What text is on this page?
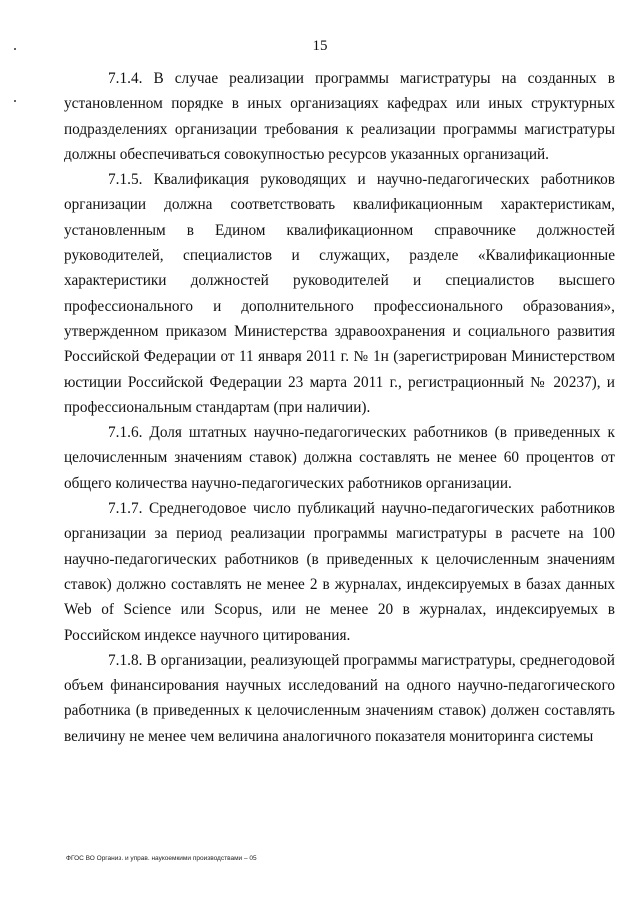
15

7.1.4. В случае реализации программы магистратуры на созданных в установленном порядке в иных организациях кафедрах или иных структурных подразделениях организации требования к реализации программы магистратуры должны обеспечиваться совокупностью ресурсов указанных организаций.

7.1.5. Квалификация руководящих и научно-педагогических работников организации должна соответствовать квалификационным характеристикам, установленным в Едином квалификационном справочнике должностей руководителей, специалистов и служащих, разделе «Квалификационные характеристики должностей руководителей и специалистов высшего профессионального и дополнительного профессионального образования», утвержденном приказом Министерства здравоохранения и социального развития Российской Федерации от 11 января 2011 г. № 1н (зарегистрирован Министерством юстиции Российской Федерации 23 марта 2011 г., регистрационный № 20237), и профессиональным стандартам (при наличии).

7.1.6. Доля штатных научно-педагогических работников (в приведенных к целочисленным значениям ставок) должна составлять не менее 60 процентов от общего количества научно-педагогических работников организации.

7.1.7. Среднегодовое число публикаций научно-педагогических работников организации за период реализации программы магистратуры в расчете на 100 научно-педагогических работников (в приведенных к целочисленным значениям ставок) должно составлять не менее 2 в журналах, индексируемых в базах данных Web of Science или Scopus, или не менее 20 в журналах, индексируемых в Российском индексе научного цитирования.

7.1.8. В организации, реализующей программы магистратуры, среднегодовой объем финансирования научных исследований на одного научно-педагогического работника (в приведенных к целочисленным значениям ставок) должен составлять величину не менее чем величина аналогичного показателя мониторинга системы

ФГОС ВО Организ. и управ. наукоемкими производствами – 05
